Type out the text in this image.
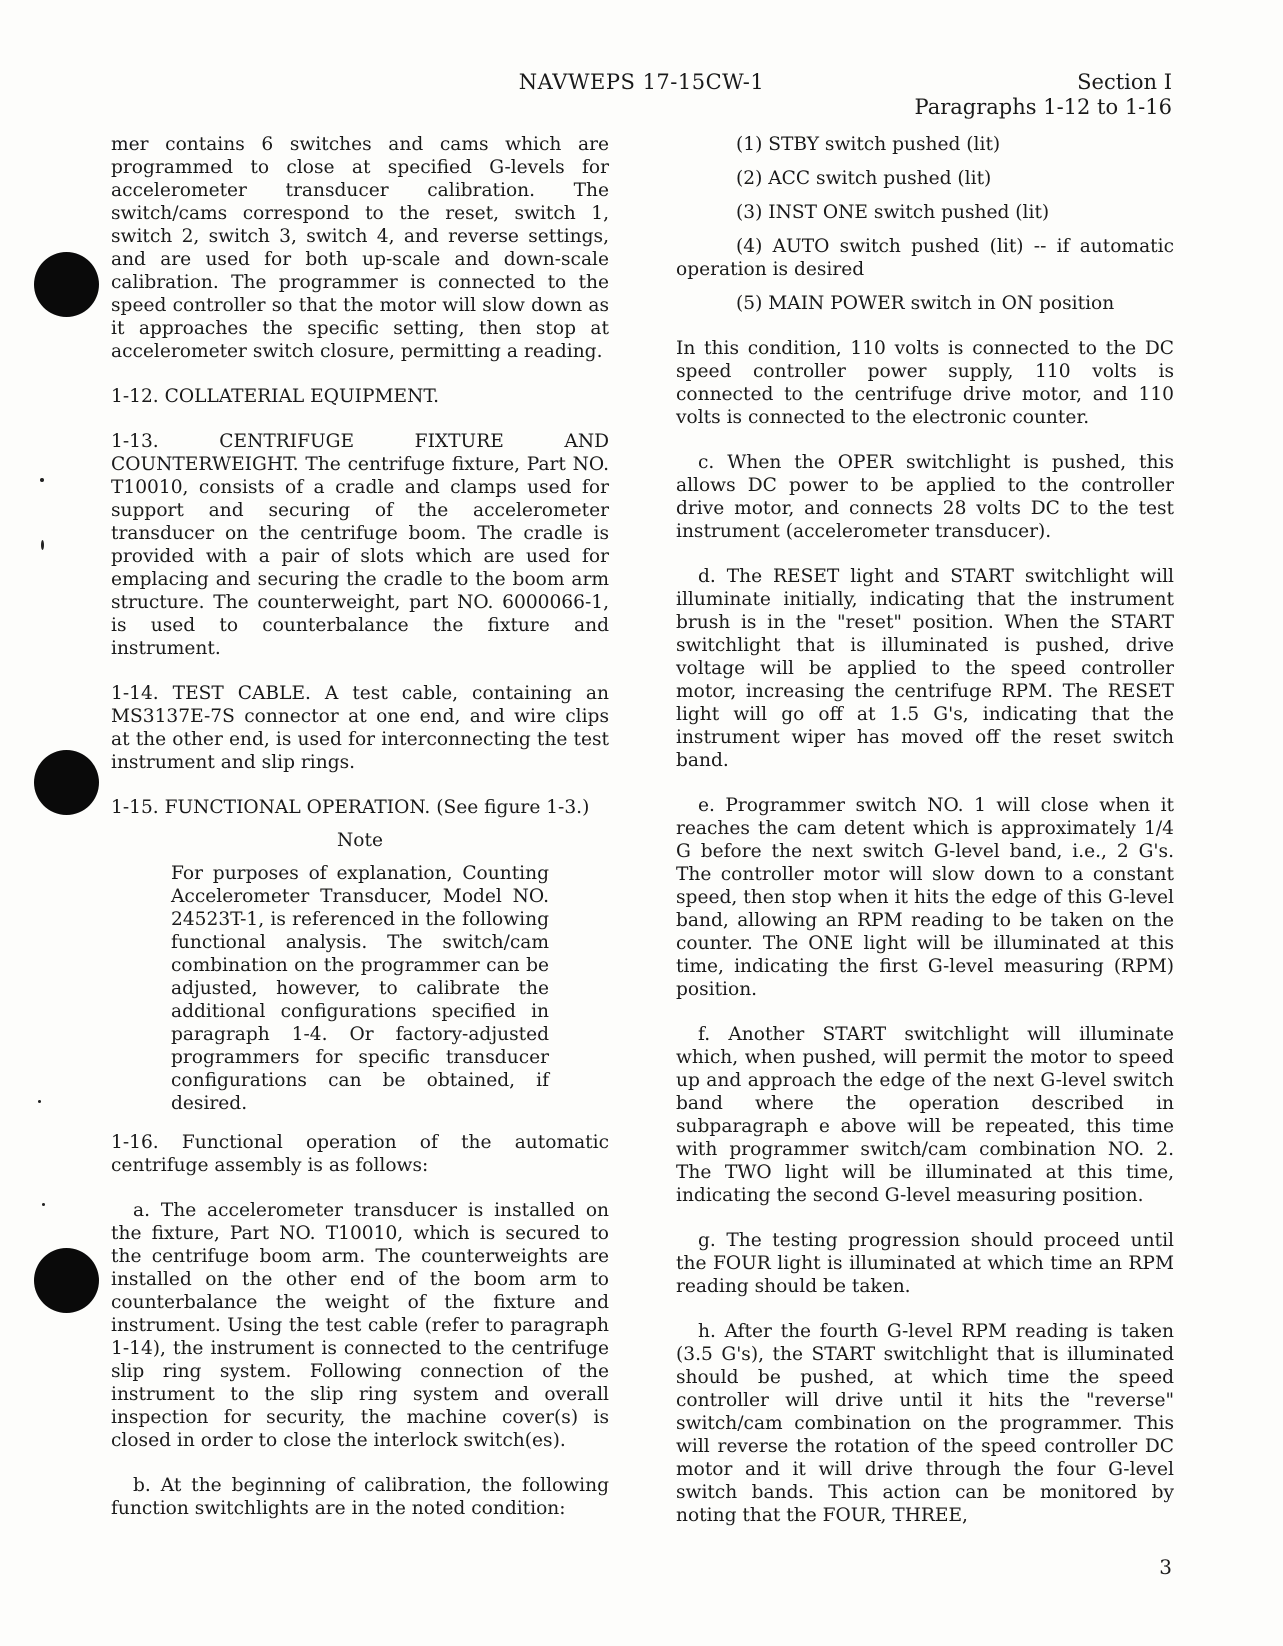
NAVWEPS 17-15CW-1	Section I
Paragraphs 1-12 to 1-16

mer contains 6 switches and cams which are programmed to close at specified G-levels for accelerometer transducer calibration. The switch/cams correspond to the reset, switch 1, switch 2, switch 3, switch 4, and reverse settings, and are used for both up-scale and down-scale calibration. The programmer is connected to the speed controller so that the motor will slow down as it approaches the specific setting, then stop at accelerometer switch closure, permitting a reading.

1-12. COLLATERIAL EQUIPMENT.

1-13. CENTRIFUGE FIXTURE AND COUNTERWEIGHT. The centrifuge fixture, Part NO. T10010, consists of a cradle and clamps used for support and securing of the accelerometer transducer on the centrifuge boom. The cradle is provided with a pair of slots which are used for emplacing and securing the cradle to the boom arm structure. The counterweight, part NO. 6000066-1, is used to counterbalance the fixture and instrument.

1-14. TEST CABLE. A test cable, containing an MS3137E-7S connector at one end, and wire clips at the other end, is used for interconnecting the test instrument and slip rings.

1-15. FUNCTIONAL OPERATION. (See figure 1-3.)

Note

For purposes of explanation, Counting Accelerometer Transducer, Model NO. 24523T-1, is referenced in the following functional analysis. The switch/cam combination on the programmer can be adjusted, however, to calibrate the additional configurations specified in paragraph 1-4. Or factory-adjusted programmers for specific transducer configurations can be obtained, if desired.

1-16. Functional operation of the automatic centrifuge assembly is as follows:

a. The accelerometer transducer is installed on the fixture, Part NO. T10010, which is secured to the centrifuge boom arm. The counterweights are installed on the other end of the boom arm to counterbalance the weight of the fixture and instrument. Using the test cable (refer to paragraph 1-14), the instrument is connected to the centrifuge slip ring system. Following connection of the instrument to the slip ring system and overall inspection for security, the machine cover(s) is closed in order to close the interlock switch(es).

b. At the beginning of calibration, the following function switchlights are in the noted condition:

(1) STBY switch pushed (lit)

(2) ACC switch pushed (lit)

(3) INST ONE switch pushed (lit)

(4) AUTO switch pushed (lit) -- if automatic operation is desired

(5) MAIN POWER switch in ON position

In this condition, 110 volts is connected to the DC speed controller power supply, 110 volts is connected to the centrifuge drive motor, and 110 volts is connected to the electronic counter.

c. When the OPER switchlight is pushed, this allows DC power to be applied to the controller drive motor, and connects 28 volts DC to the test instrument (accelerometer transducer).

d. The RESET light and START switchlight will illuminate initially, indicating that the instrument brush is in the "reset" position. When the START switchlight that is illuminated is pushed, drive voltage will be applied to the speed controller motor, increasing the centrifuge RPM. The RESET light will go off at 1.5 G's, indicating that the instrument wiper has moved off the reset switch band.

e. Programmer switch NO. 1 will close when it reaches the cam detent which is approximately 1/4 G before the next switch G-level band, i.e., 2 G's. The controller motor will slow down to a constant speed, then stop when it hits the edge of this G-level band, allowing an RPM reading to be taken on the counter. The ONE light will be illuminated at this time, indicating the first G-level measuring (RPM) position.

f. Another START switchlight will illuminate which, when pushed, will permit the motor to speed up and approach the edge of the next G-level switch band where the operation described in subparagraph e above will be repeated, this time with programmer switch/cam combination NO. 2. The TWO light will be illuminated at this time, indicating the second G-level measuring position.

g. The testing progression should proceed until the FOUR light is illuminated at which time an RPM reading should be taken.

h. After the fourth G-level RPM reading is taken (3.5 G's), the START switchlight that is illuminated should be pushed, at which time the speed controller will drive until it hits the "reverse" switch/cam combination on the programmer. This will reverse the rotation of the speed controller DC motor and it will drive through the four G-level switch bands. This action can be monitored by noting that the FOUR, THREE,

3
